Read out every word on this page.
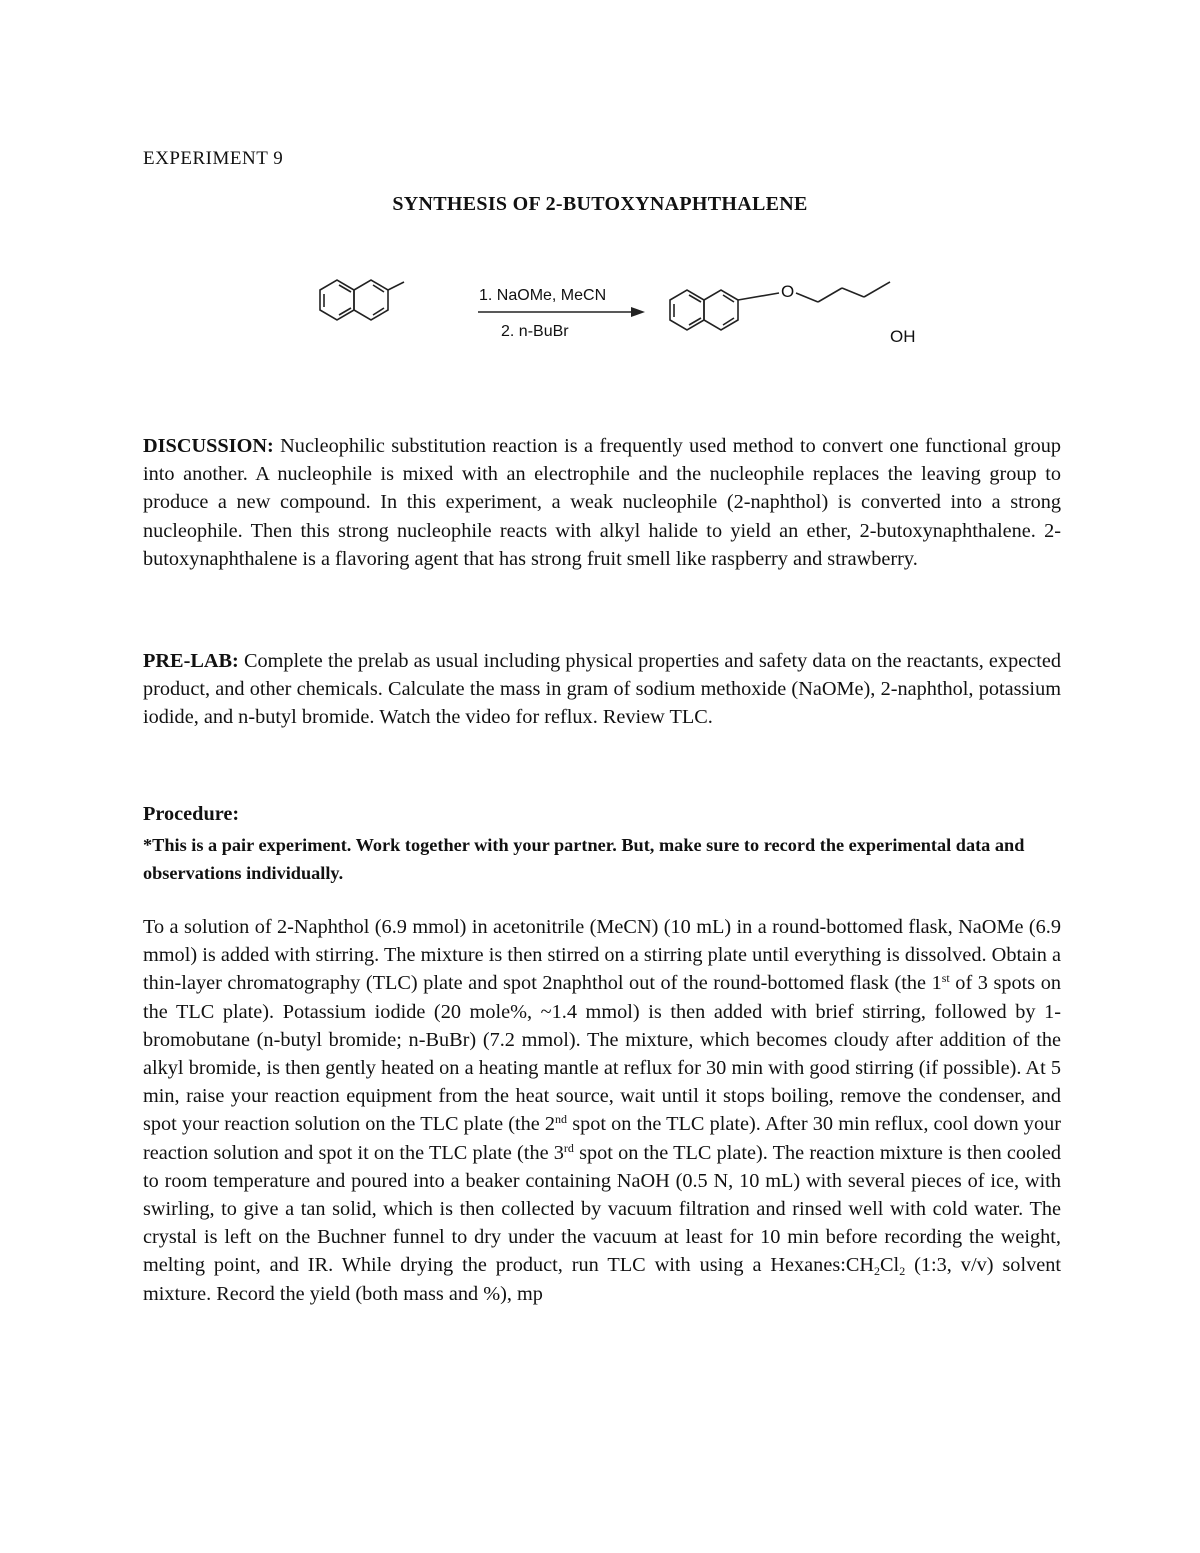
EXPERIMENT 9
SYNTHESIS OF 2-BUTOXYNAPHTHALENE
1. NaOMe, MeCN
2. n-BuBr
O
OH
DISCUSSION: Nucleophilic substitution reaction is a frequently used method to convert one functional group into another. A nucleophile is mixed with an electrophile and the nucleophile replaces the leaving group to produce a new compound. In this experiment, a weak nucleophile (2-naphthol) is converted into a strong nucleophile. Then this strong nucleophile reacts with alkyl halide to yield an ether, 2-butoxynaphthalene. 2-butoxynaphthalene is a flavoring agent that has strong fruit smell like raspberry and strawberry.
PRE-LAB: Complete the prelab as usual including physical properties and safety data on the reactants, expected product, and other chemicals. Calculate the mass in gram of sodium methoxide (NaOMe), 2-naphthol, potassium iodide, and n-butyl bromide. Watch the video for reflux. Review TLC.
Procedure:
*This is a pair experiment. Work together with your partner. But, make sure to record the experimental data and observations individually.
To a solution of 2-Naphthol (6.9 mmol) in acetonitrile (MeCN) (10 mL) in a round-bottomed flask, NaOMe (6.9 mmol) is added with stirring. The mixture is then stirred on a stirring plate until everything is dissolved. Obtain a thin-layer chromatography (TLC) plate and spot 2naphthol out of the round-bottomed flask (the 1st of 3 spots on the TLC plate). Potassium iodide (20 mole%, ~1.4 mmol) is then added with brief stirring, followed by 1-bromobutane (n-butyl bromide; n-BuBr) (7.2 mmol). The mixture, which becomes cloudy after addition of the alkyl bromide, is then gently heated on a heating mantle at reflux for 30 min with good stirring (if possible). At 5 min, raise your reaction equipment from the heat source, wait until it stops boiling, remove the condenser, and spot your reaction solution on the TLC plate (the 2nd spot on the TLC plate). After 30 min reflux, cool down your reaction solution and spot it on the TLC plate (the 3rd spot on the TLC plate). The reaction mixture is then cooled to room temperature and poured into a beaker containing NaOH (0.5 N, 10 mL) with several pieces of ice, with swirling, to give a tan solid, which is then collected by vacuum filtration and rinsed well with cold water. The crystal is left on the Buchner funnel to dry under the vacuum at least for 10 min before recording the weight, melting point, and IR. While drying the product, run TLC with using a $Hexanes:CH_2Cl_2$ (1:3, v/v) solvent mixture. Record the yield (both mass and %), mp
